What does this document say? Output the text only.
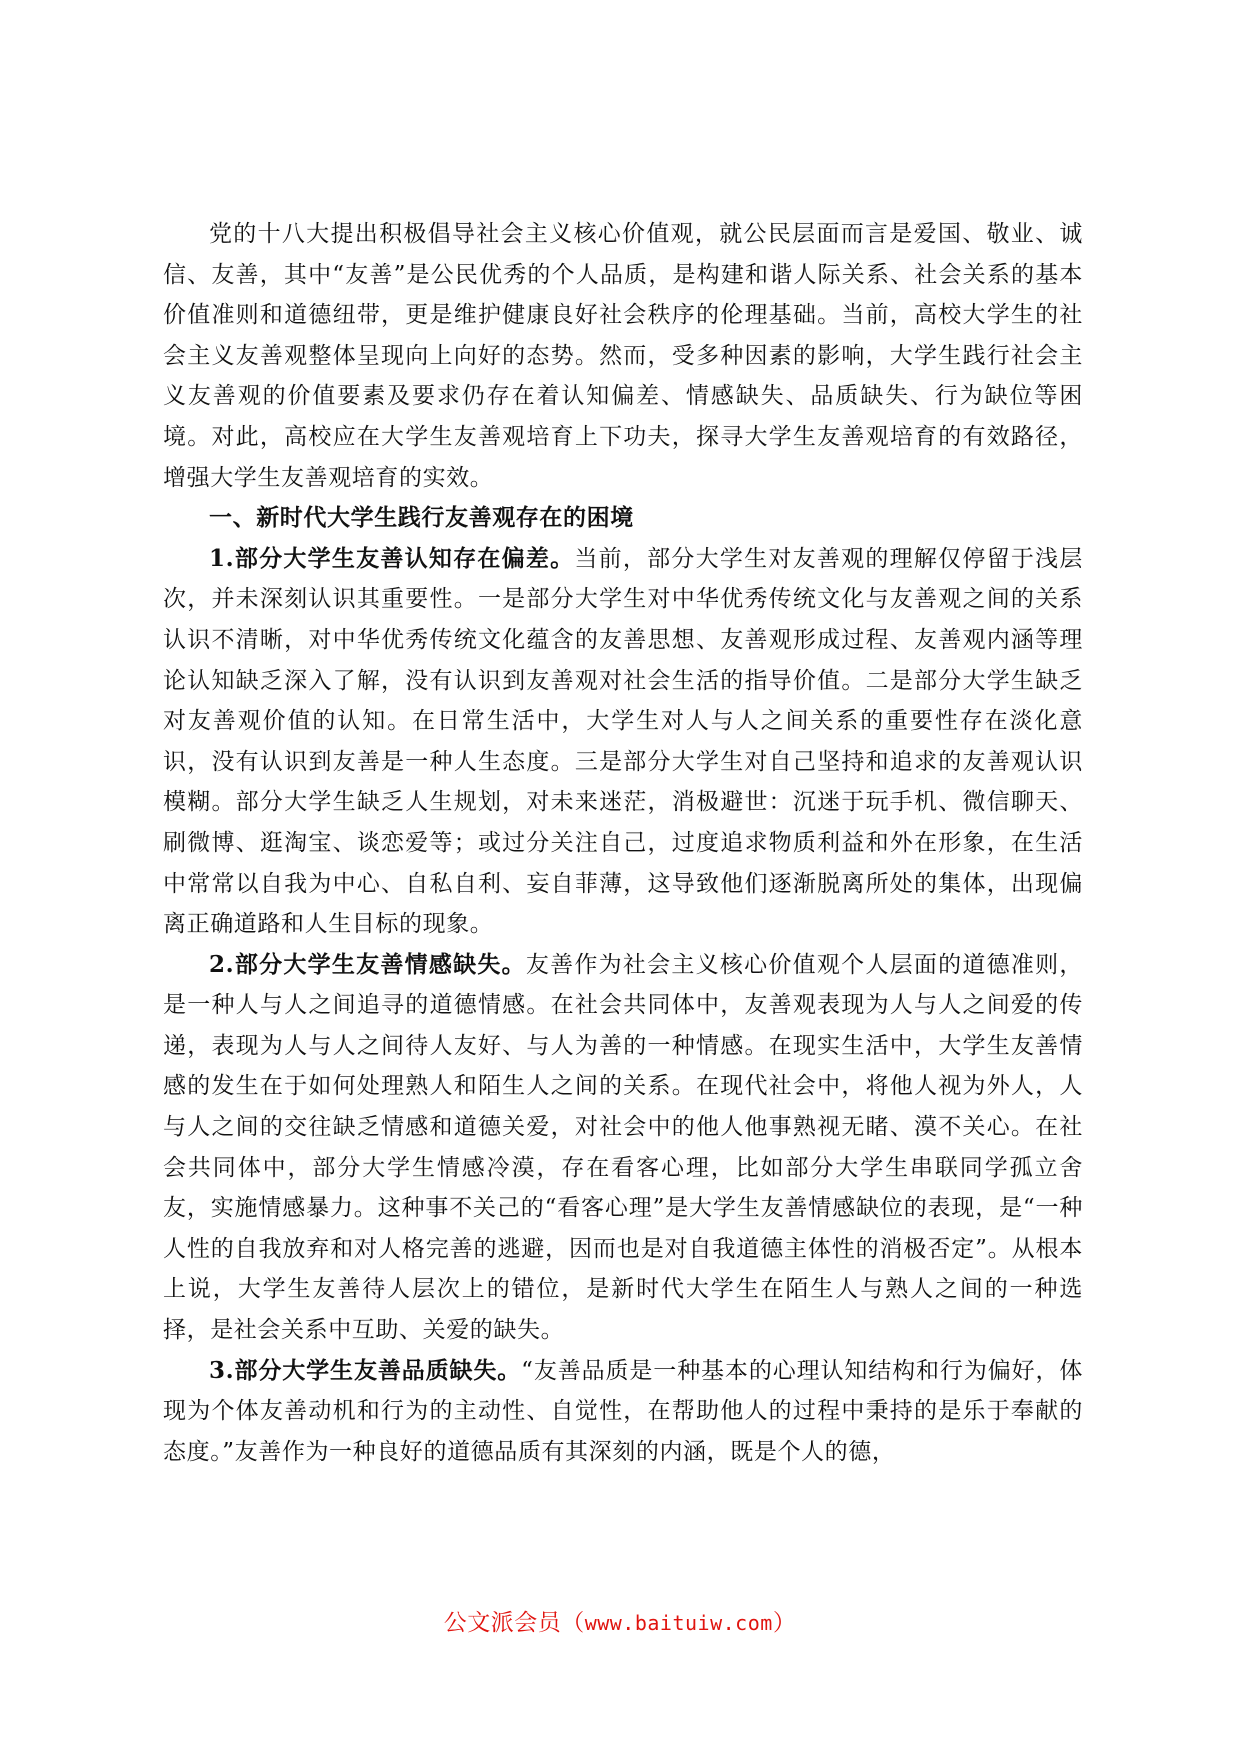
党的十八大提出积极倡导社会主义核心价值观，就公民层面而言是爱国、敬业、诚信、友善，其中“友善”是公民优秀的个人品质，是构建和谐人际关系、社会关系的基本价值准则和道德纽带，更是维护健康良好社会秩序的伦理基础。当前，高校大学生的社会主义友善观整体呈现向上向好的态势。然而，受多种因素的影响，大学生践行社会主义友善观的价值要素及要求仍存在着认知偏差、情感缺失、品质缺失、行为缺位等困境。对此，高校应在大学生友善观培育上下功夫，探寻大学生友善观培育的有效路径，增强大学生友善观培育的实效。

一、新时代大学生践行友善观存在的困境

1.部分大学生友善认知存在偏差。当前，部分大学生对友善观的理解仅停留于浅层次，并未深刻认识其重要性。一是部分大学生对中华优秀传统文化与友善观之间的关系认识不清晰，对中华优秀传统文化蕴含的友善思想、友善观形成过程、友善观内涵等理论认知缺乏深入了解，没有认识到友善观对社会生活的指导价值。二是部分大学生缺乏对友善观价值的认知。在日常生活中，大学生对人与人之间关系的重要性存在淡化意识，没有认识到友善是一种人生态度。三是部分大学生对自己坚持和追求的友善观认识模糊。部分大学生缺乏人生规划，对未来迷茫，消极避世：沉迷于玩手机、微信聊天、刷微博、逛淘宝、谈恋爱等；或过分关注自己，过度追求物质利益和外在形象，在生活中常常以自我为中心、自私自利、妄自菲薄，这导致他们逐渐脱离所处的集体，出现偏离正确道路和人生目标的现象。

2.部分大学生友善情感缺失。友善作为社会主义核心价值观个人层面的道德准则，是一种人与人之间追寻的道德情感。在社会共同体中，友善观表现为人与人之间爱的传递，表现为人与人之间待人友好、与人为善的一种情感。在现实生活中，大学生友善情感的发生在于如何处理熟人和陌生人之间的关系。在现代社会中，将他人视为外人，人与人之间的交往缺乏情感和道德关爱，对社会中的他人他事熟视无睹、漠不关心。在社会共同体中，部分大学生情感冷漠，存在看客心理，比如部分大学生串联同学孤立舍友，实施情感暴力。这种事不关己的“看客心理”是大学生友善情感缺位的表现，是“一种人性的自我放弃和对人格完善的逃避，因而也是对自我道德主体性的消极否定”。从根本上说，大学生友善待人层次上的错位，是新时代大学生在陌生人与熟人之间的一种选择，是社会关系中互助、关爱的缺失。

3.部分大学生友善品质缺失。“友善品质是一种基本的心理认知结构和行为偏好，体现为个体友善动机和行为的主动性、自觉性，在帮助他人的过程中秉持的是乐于奉献的态度。”友善作为一种良好的道德品质有其深刻的内涵，既是个人的德，

公文派会员（www.baituiw.com）
